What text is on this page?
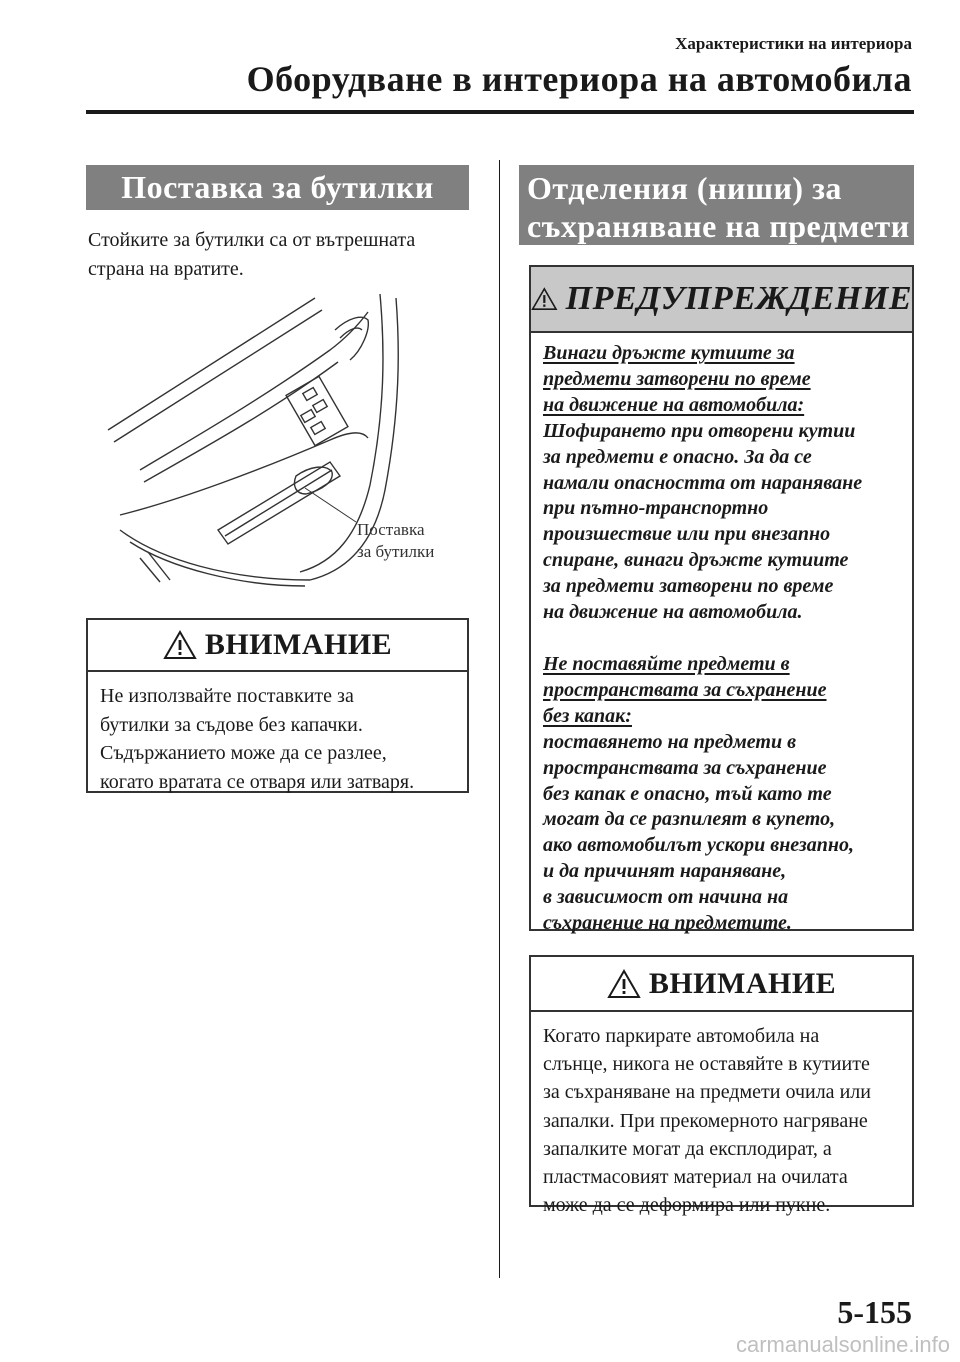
Характеристики на интериора
Оборудване в интериора на автомобила
Поставка за бутилки
Стойките за бутилки са от вътрешната
страна на вратите.
Поставка
за бутилки
ВНИМАНИЕ
Не използвайте поставките за
бутилки за съдове без капачки.
Съдържанието може да се разлее,
когато вратата се отваря или затваря.
Отделения (ниши) за
съхраняване на предмети
ПРЕДУПРЕЖДЕНИЕ
Винаги дръжте кутиите за
предмети затворени по време
на движение на автомобила:
Шофирането при отворени кутии
за предмети е опасно. За да се
намали опасността от нараняване
при пътно-транспортно
произшествие или при внезапно
спиране, винаги дръжте кутиите
за предмети затворени по време
на движение на автомобила.
Не поставяйте предмети в
пространствата за съхранение
без капак:
поставянето на предмети в
пространствата за съхранение
без капак е опасно, тъй като те
могат да се разпилеят в купето,
ако автомобилът ускори внезапно,
и да причинят нараняване,
в зависимост от начина на
съхранение на предметите.
ВНИМАНИЕ
Когато паркирате автомобила на
слънце, никога не оставяйте в кутиите
за съхраняване на предмети очила или
запалки. При прекомерното нагряване
запалките могат да експлодират, а
пластмасовият материал на очилата
може да се деформира или пукне.
5-155
carmanualsonline.info
